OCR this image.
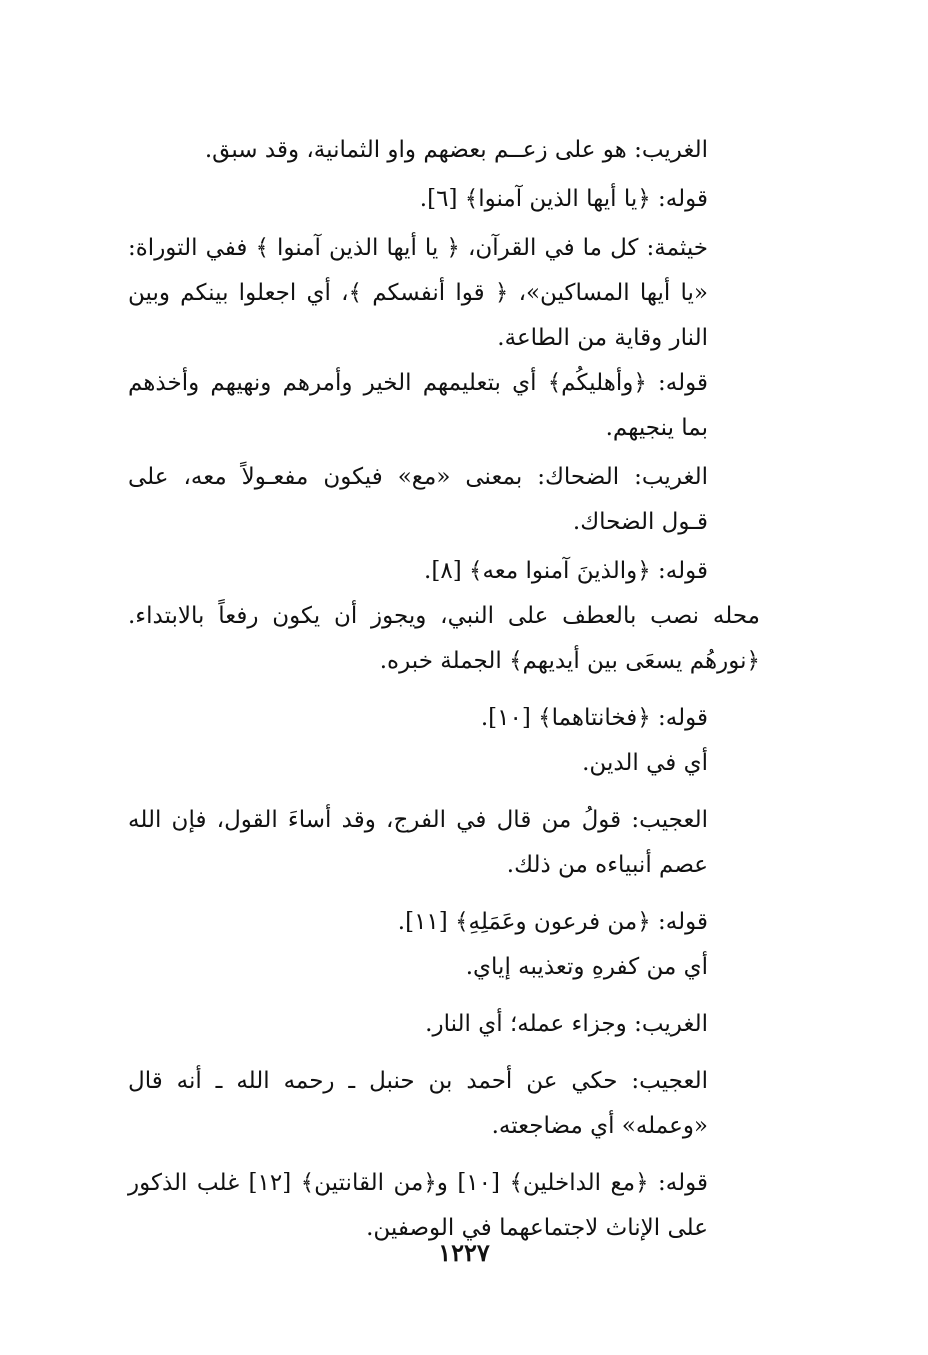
الغريب: هو على زعــم بعضهم واو الثمانية، وقد سبق.

قوله: ﴿يا أيها الذين آمنوا﴾ [٦].

خيثمة: كل ما في القرآن، ﴿ يا أيها الذين آمنوا ﴾ ففي التوراة: «يا أيها المساكين»، ﴿ قوا أنفسكم ﴾، أي اجعلوا بينكم وبين النار وقاية من الطاعة.

قوله: ﴿وأهليكُم﴾ أي بتعليمهم الخير وأمرهم ونهيهم وأخذهم بما ينجيهم.

الغريب: الضحاك: بمعنى «مع» فيكون مفعـولاً معه، على قـول الضحاك.

قوله: ﴿والذينَ آمنوا معه﴾ [٨].

محله نصب بالعطف على النبي، ويجوز أن يكون رفعاً بالابتداء. ﴿نورهُم يسعَى بين أيديهم﴾ الجملة خبره.

قوله: ﴿فخانتاهما﴾ [١٠].

أي في الدين.

العجيب: قولُ من قال في الفرج، وقد أساءَ القول، فإن الله عصم أنبياءه من ذلك.

قوله: ﴿من فرعون وعَمَلِهِ﴾ [١١].

أي من كفرهِ وتعذيبه إياي.

الغريب: وجزاء عمله؛ أي النار.

العجيب: حكي عن أحمد بن حنبل ـ رحمه الله ـ أنه قال «وعمله» أي مضاجعته.

قوله: ﴿مع الداخلين﴾ [١٠] و﴿من القانتين﴾ [١٢] غلب الذكور على الإناث لاجتماعهما في الوصفين.

١٢٢٧
